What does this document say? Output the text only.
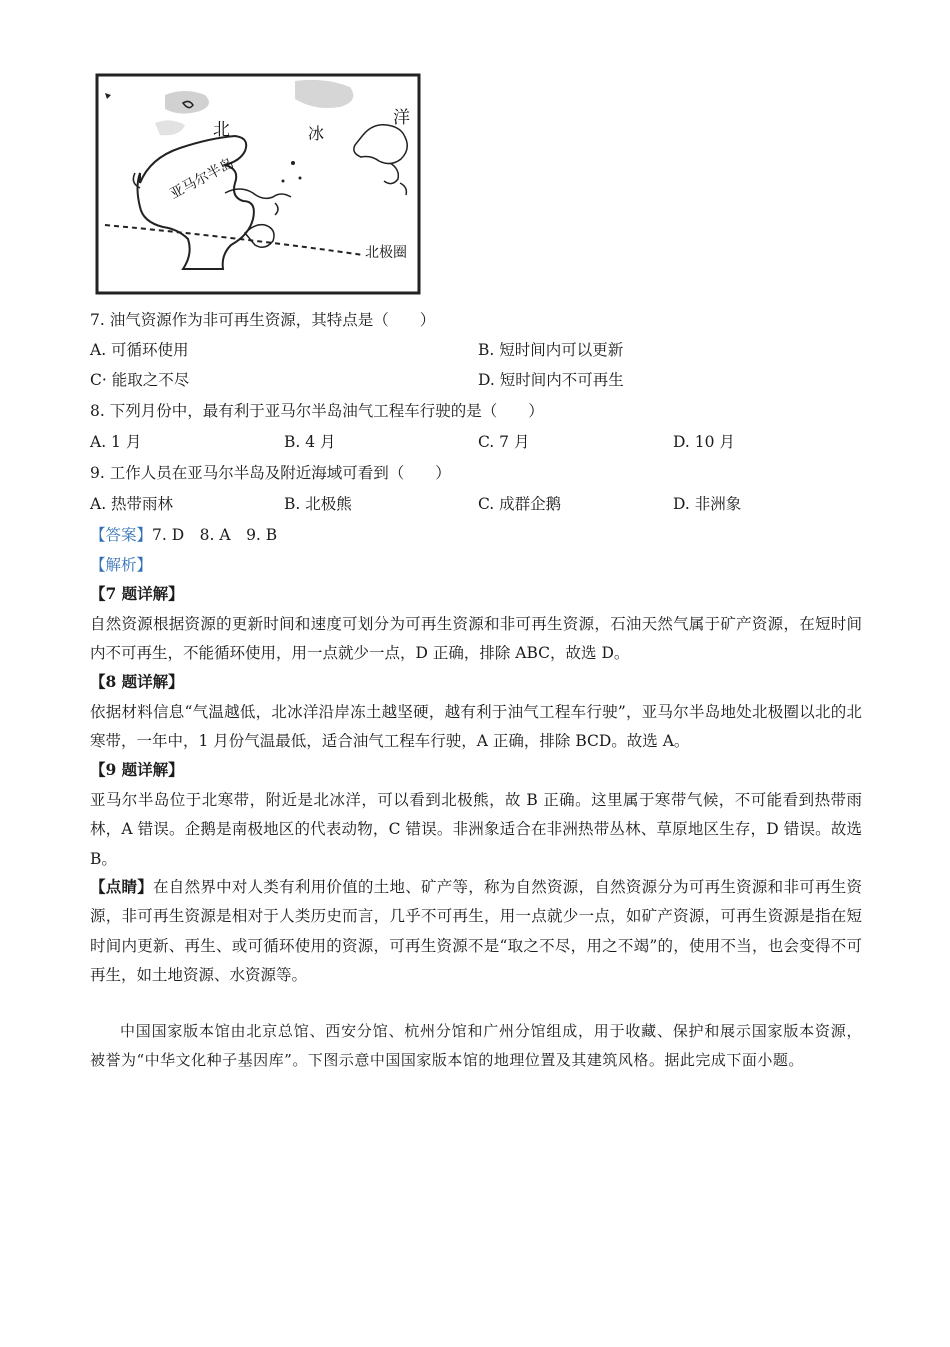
北	冰
洋
亚马尔半岛
北极圈
7. 油气资源作为非可再生资源，其特点是（　　）
A. 可循环使用	B. 短时间内可以更新
C· 能取之不尽	D. 短时间内不可再生
8. 下列月份中，最有利于亚马尔半岛油气工程车行驶的是（　　）
A. 1 月	B. 4 月	C. 7 月	D. 10 月
9. 工作人员在亚马尔半岛及附近海域可看到（　　）
A. 热带雨林	B. 北极熊	C. 成群企鹅	D. 非洲象
【答案】7. D　8. A　9. B
【解析】
【7 题详解】
自然资源根据资源的更新时间和速度可划分为可再生资源和非可再生资源，石油天然气属于矿产资源，在短时间内不可再生，不能循环使用，用一点就少一点，D 正确，排除 ABC，故选 D。
【8 题详解】
依据材料信息“气温越低，北冰洋沿岸冻土越坚硬，越有利于油气工程车行驶”，亚马尔半岛地处北极圈以北的北寒带，一年中，1 月份气温最低，适合油气工程车行驶，A 正确，排除 BCD。故选 A。
【9 题详解】
亚马尔半岛位于北寒带，附近是北冰洋，可以看到北极熊，故 B 正确。这里属于寒带气候，不可能看到热带雨林，A 错误。企鹅是南极地区的代表动物，C 错误。非洲象适合在非洲热带丛林、草原地区生存，D 错误。故选 B。
【点睛】在自然界中对人类有利用价值的土地、矿产等，称为自然资源，自然资源分为可再生资源和非可再生资源，非可再生资源是相对于人类历史而言，几乎不可再生，用一点就少一点，如矿产资源，可再生资源是指在短时间内更新、再生、或可循环使用的资源，可再生资源不是“取之不尽，用之不竭”的，使用不当，也会变得不可再生，如土地资源、水资源等。
中国国家版本馆由北京总馆、西安分馆、杭州分馆和广州分馆组成，用于收藏、保护和展示国家版本资源，被誉为“中华文化种子基因库”。下图示意中国国家版本馆的地理位置及其建筑风格。据此完成下面小题。
